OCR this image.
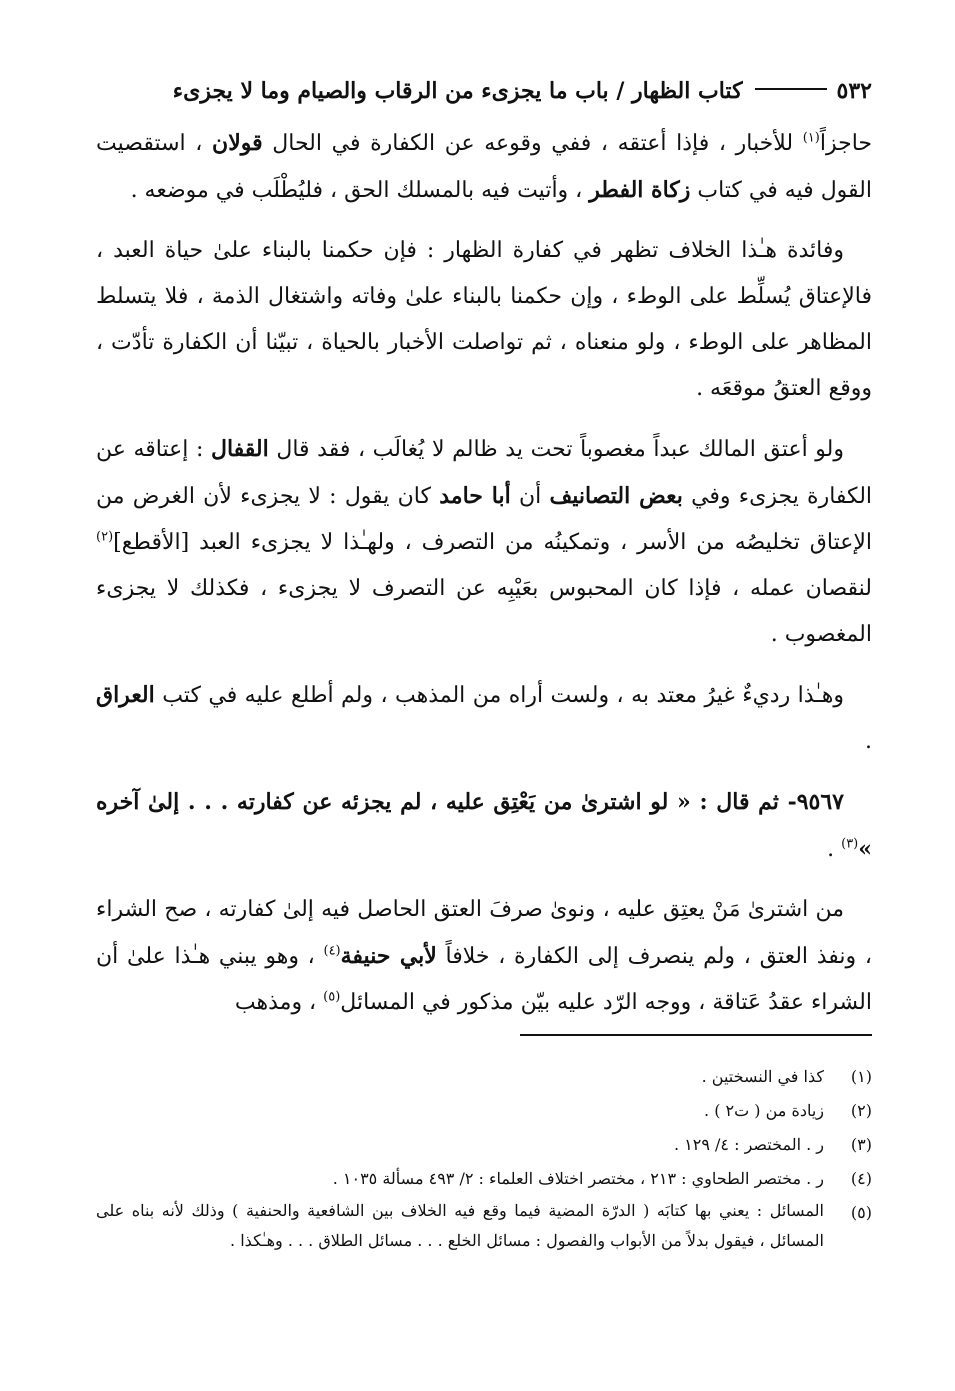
٥٣٢
كتاب الظهار / باب ما يجزىء من الرقاب والصيام وما لا يجزىء

حاجزاً$^{(١)}$ للأخبار ، فإذا أعتقه ، ففي وقوعه عن الكفارة في الحال قولان ، استقصيت القول فيه في كتاب زكاة الفطر ، وأتيت فيه بالمسلك الحق ، فليُطْلَب في موضعه .

وفائدة هـٰذا الخلاف تظهر في كفارة الظهار : فإن حكمنا بالبناء علىٰ حياة العبد ، فالإعتاق يُسلِّط على الوطء ، وإن حكمنا بالبناء علىٰ وفاته واشتغال الذمة ، فلا يتسلط المظاهر على الوطء ، ولو منعناه ، ثم تواصلت الأخبار بالحياة ، تبيّنا أن الكفارة تأدّت ، ووقع العتقُ موقعَه .

ولو أعتق المالك عبداً مغصوباً تحت يد ظالم لا يُغالَب ، فقد قال القفال : إعتاقه عن الكفارة يجزىء وفي بعض التصانيف أن أبا حامد كان يقول : لا يجزىء لأن الغرض من الإعتاق تخليصُه من الأسر ، وتمكينُه من التصرف ، ولهـٰذا لا يجزىء العبد [الأقطع]$^{(٢)}$ لنقصان عمله ، فإذا كان المحبوس بعَيْبِه عن التصرف لا يجزىء ، فكذلك لا يجزىء المغصوب .

وهـٰذا رديءٌ غيرُ معتد به ، ولست أراه من المذهب ، ولم أطلع عليه في كتب العراق .

٩٥٦٧- ثم قال : « لو اشترىٰ من يَعْتِق عليه ، لم يجزئه عن كفارته . . . إلىٰ آخره »$^{(٣)}$ .

من اشترىٰ مَنْ يعتِق عليه ، ونوىٰ صرفَ العتق الحاصل فيه إلىٰ كفارته ، صح الشراء ، ونفذ العتق ، ولم ينصرف إلى الكفارة ، خلافاً لأبي حنيفة$^{(٤)}$ ، وهو يبني هـٰذا علىٰ أن الشراء عقدُ عَتاقة ، ووجه الرّد عليه بيّن مذكور في المسائل$^{(٥)}$ ، ومذهب

(١)
كذا في النسختين .
(٢)
زيادة من ( ت٢ ) .
(٣)
ر . المختصر : ٤/ ١٢٩ .
(٤)
ر . مختصر الطحاوي : ٢١٣ ، مختصر اختلاف العلماء : ٢/ ٤٩٣ مسألة ١٠٣٥ .
(٥)
المسائل : يعني بها كتابَه ( الدرّة المضية فيما وقع فيه الخلاف بين الشافعية والحنفية ) وذلك لأنه بناه على المسائل ، فيقول بدلاً من الأبواب والفصول : مسائل الخلع . . . مسائل الطلاق . . . وهـٰكذا .
